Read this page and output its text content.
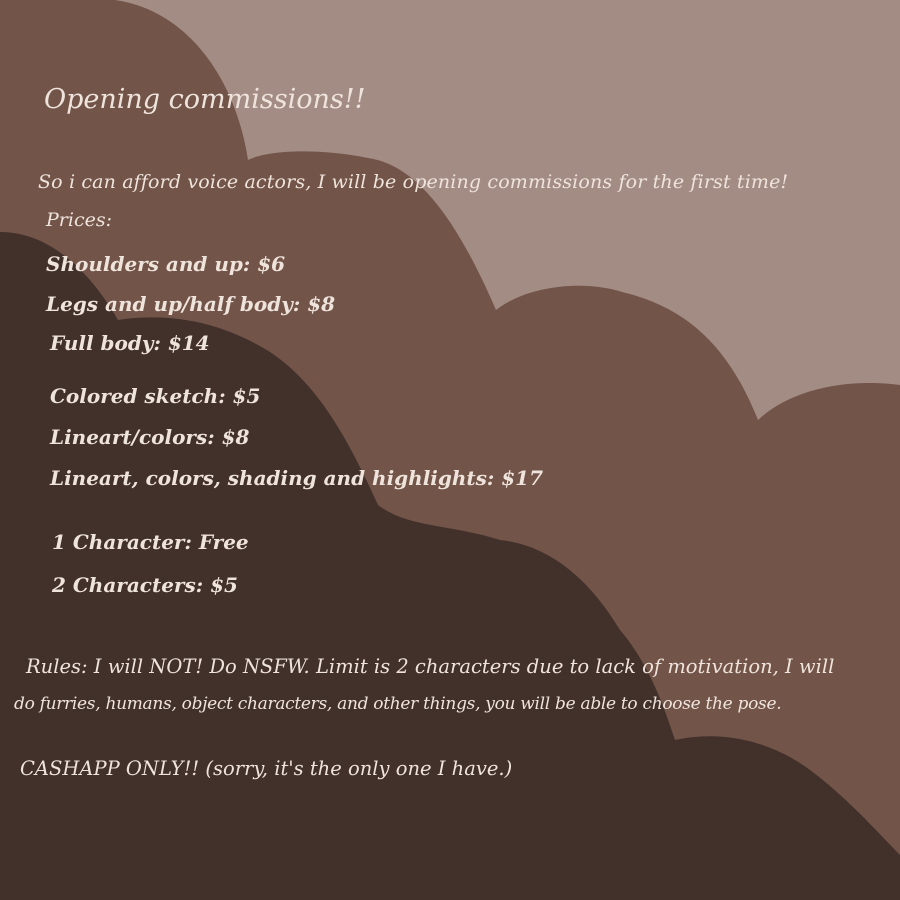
Opening commissions!!

So i can afford voice actors, I will be opening commissions for the first time!

Prices:

Shoulders and up: $6

Legs and up/half body: $8

Full body: $14

Colored sketch: $5

Lineart/colors: $8

Lineart, colors, shading and highlights: $17

1 Character: Free

2 Characters: $5

Rules: I will NOT! Do NSFW. Limit is 2 characters due to lack of motivation, I will

do furries, humans, object characters, and other things, you will be able to choose the pose.

CASHAPP ONLY!! (sorry, it's the only one I have.)
